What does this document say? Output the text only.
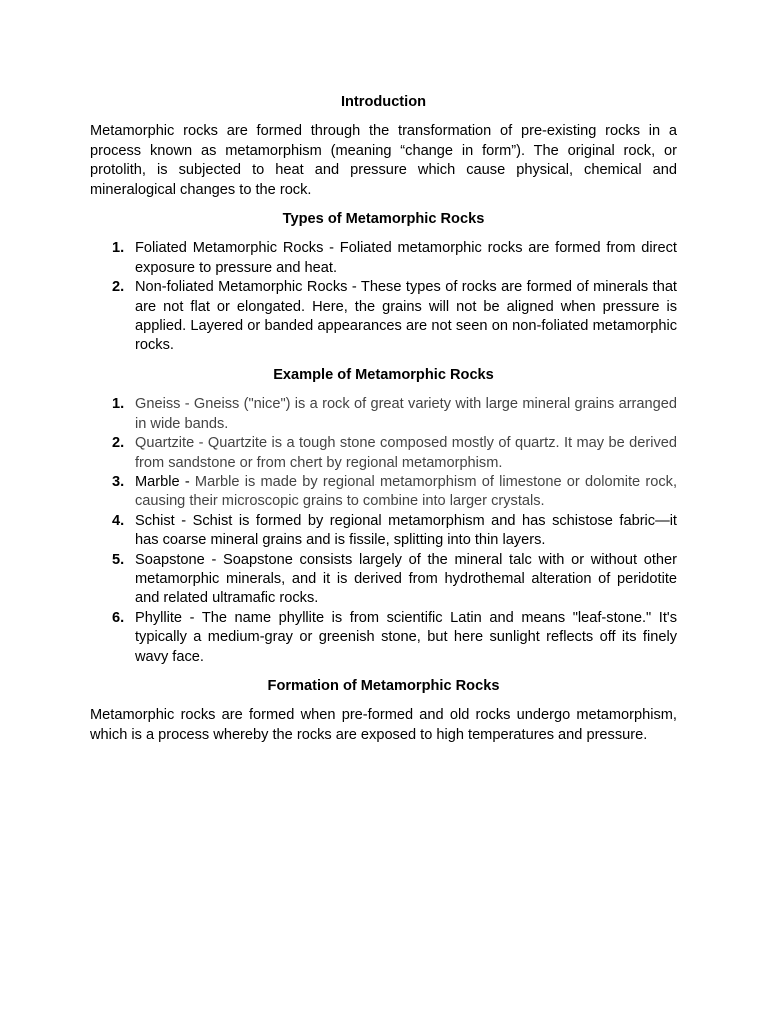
Introduction

Metamorphic rocks are formed through the transformation of pre-existing rocks in a process known as metamorphism (meaning “change in form”). The original rock, or protolith, is subjected to heat and pressure which cause physical, chemical and mineralogical changes to the rock.

Types of Metamorphic Rocks
1. Foliated Metamorphic Rocks - Foliated metamorphic rocks are formed from direct exposure to pressure and heat.
2. Non-foliated Metamorphic Rocks - These types of rocks are formed of minerals that are not flat or elongated. Here, the grains will not be aligned when pressure is applied. Layered or banded appearances are not seen on non-foliated metamorphic rocks.
Example of Metamorphic Rocks
1. Gneiss - Gneiss ("nice") is a rock of great variety with large mineral grains arranged in wide bands.
2. Quartzite - Quartzite is a tough stone composed mostly of quartz. It may be derived from sandstone or from chert by regional metamorphism.
3. Marble - Marble is made by regional metamorphism of limestone or dolomite rock, causing their microscopic grains to combine into larger crystals.
4. Schist - Schist is formed by regional metamorphism and has schistose fabric—it has coarse mineral grains and is fissile, splitting into thin layers.
5. Soapstone - Soapstone consists largely of the mineral talc with or without other metamorphic minerals, and it is derived from hydrothemal alteration of peridotite and related ultramafic rocks.
6. Phyllite - The name phyllite is from scientific Latin and means "leaf-stone." It's typically a medium-gray or greenish stone, but here sunlight reflects off its finely wavy face.
Formation of Metamorphic Rocks

Metamorphic rocks are formed when pre-formed and old rocks undergo metamorphism, which is a process whereby the rocks are exposed to high temperatures and pressure.
